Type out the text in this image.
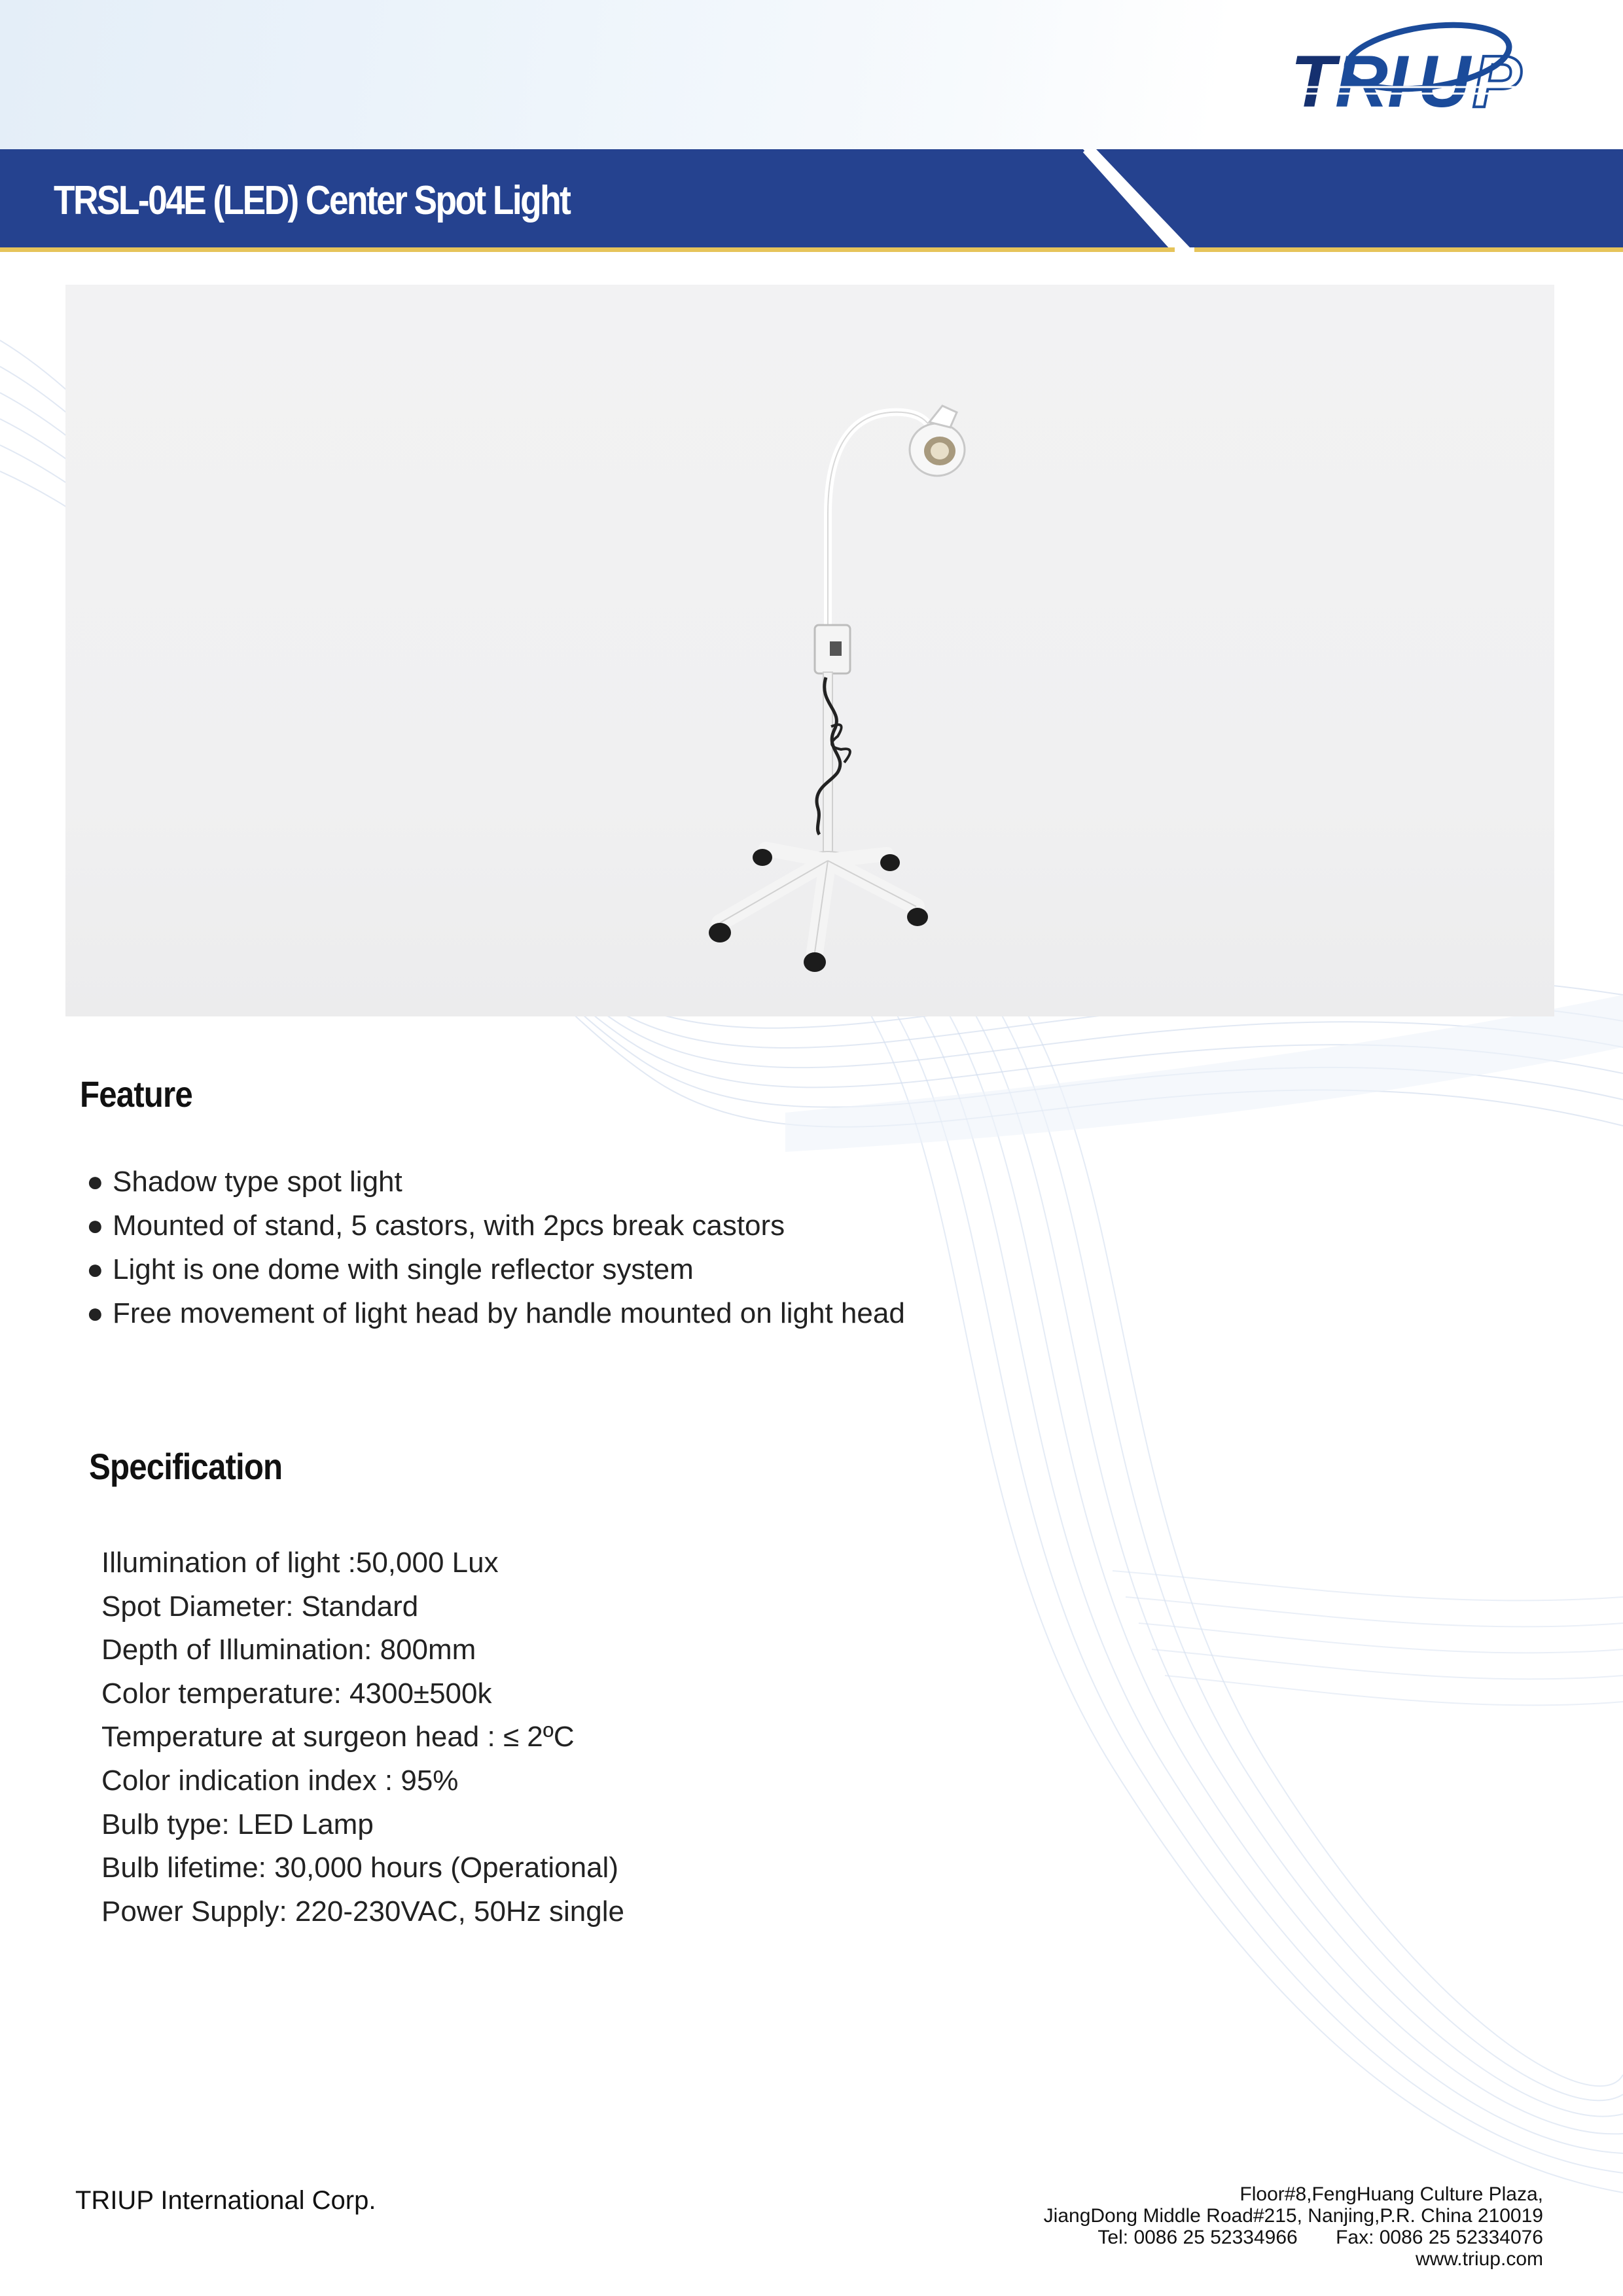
T R I U P
TRSL-04E (LED) Center Spot Light
Feature
● Shadow type spot light
● Mounted of stand, 5 castors, with 2pcs break castors
● Light is one dome with single reflector system
● Free movement of light head by handle mounted on light head
Specification
Illumination of light :50,000 Lux
Spot Diameter: Standard
Depth of Illumination: 800mm
Color temperature: 4300±500k
Temperature at surgeon head : ≤ 2ºC
Color indication index : 95%
Bulb type: LED Lamp
Bulb lifetime: 30,000 hours (Operational)
Power Supply: 220-230VAC, 50Hz single
TRIUP International Corp.	Floor#8,FengHuang Culture Plaza,
JiangDong Middle Road#215, Nanjing,P.R. China 210019
Tel: 0086 25 52334966 Fax: 0086 25 52334076
www.triup.com
